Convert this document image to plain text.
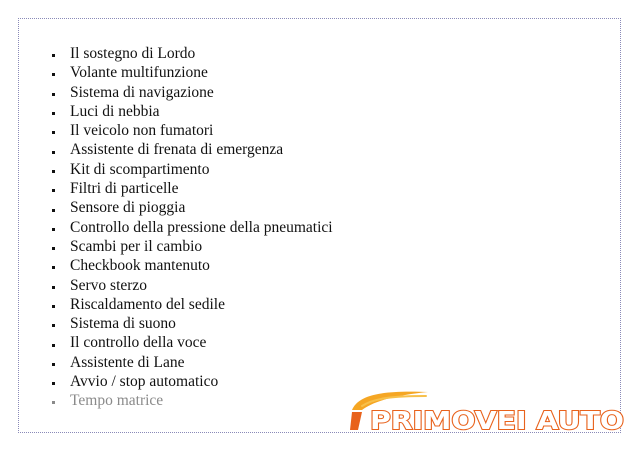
Il sostegno di Lordo
Volante multifunzione
Sistema di navigazione
Luci di nebbia
Il veicolo non fumatori
Assistente di frenata di emergenza
Kit di scompartimento
Filtri di particelle
Sensore di pioggia
Controllo della pressione della pneumatici
Scambi per il cambio
Checkbook mantenuto
Servo sterzo
Riscaldamento del sedile
Sistema di suono
Il controllo della voce
Assistente di Lane
Avvio / stop automatico
Tempo matrice
PRIMOVEI AUTO
